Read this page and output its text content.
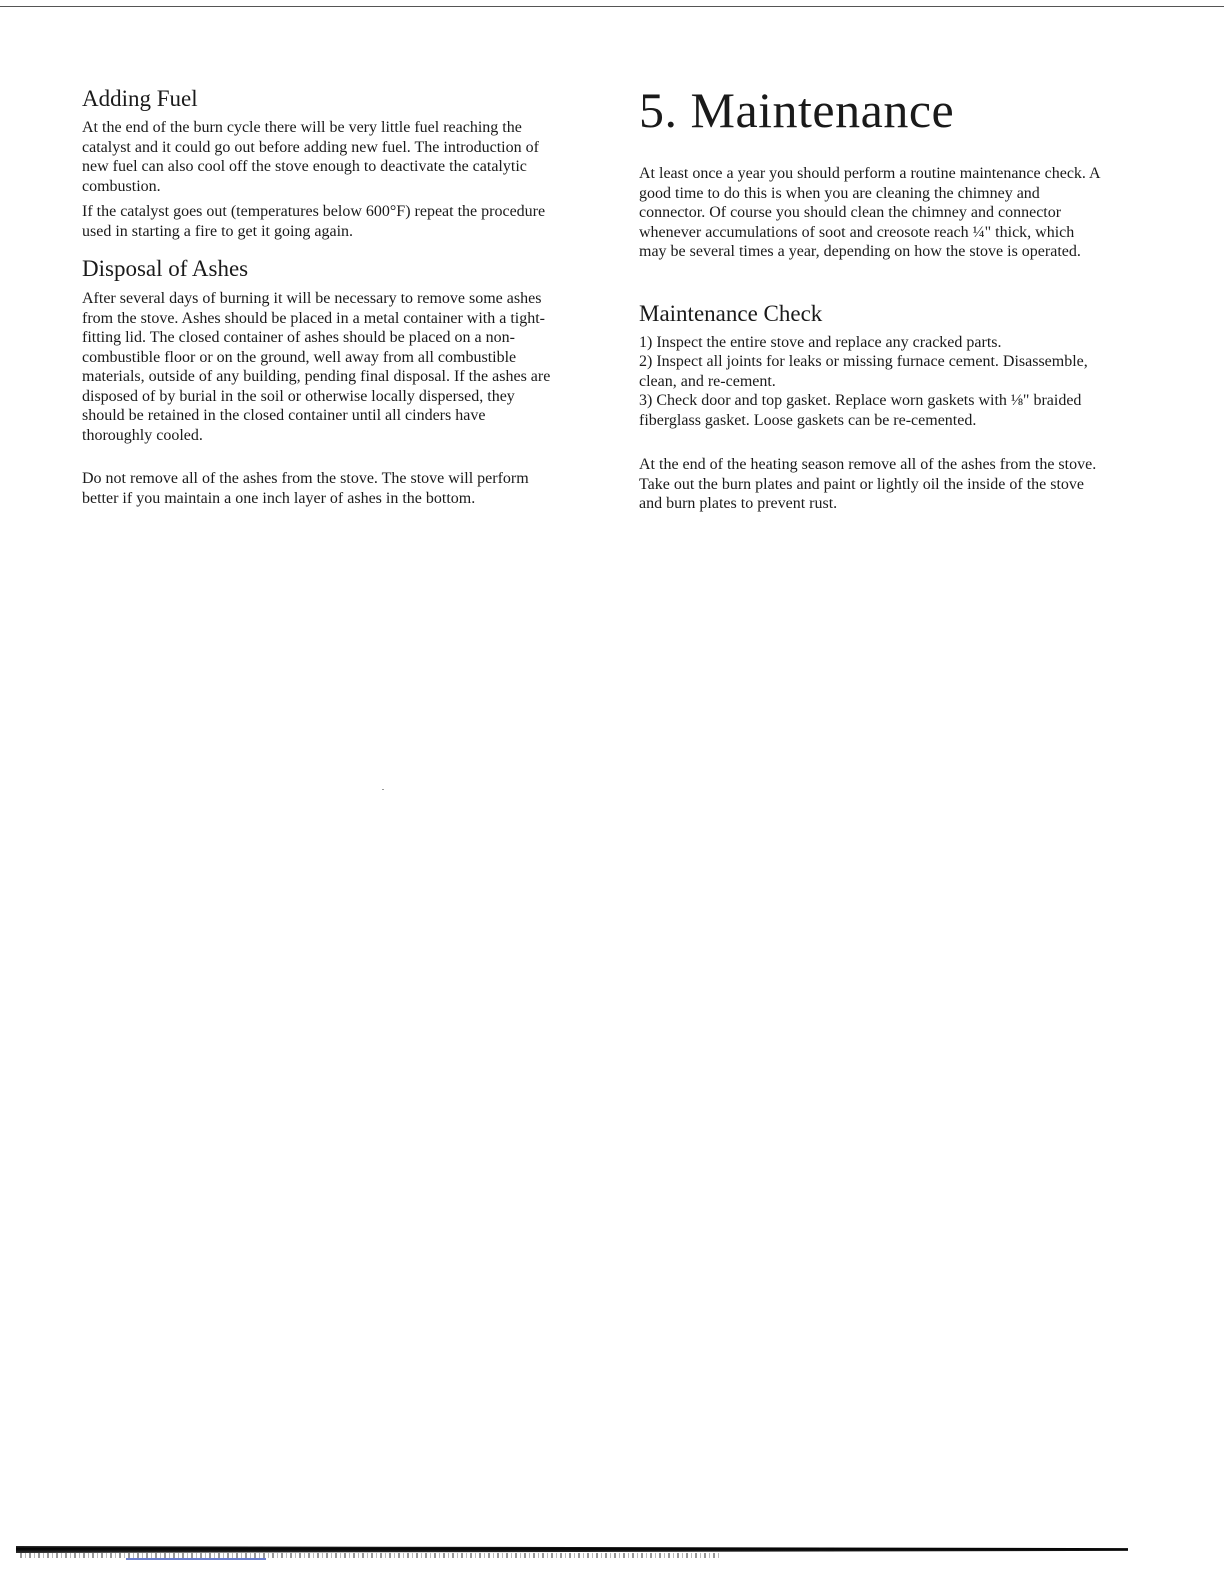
Adding Fuel

At the end of the burn cycle there will be very little fuel reaching the catalyst and it could go out before adding new fuel. The introduction of new fuel can also cool off the stove enough to deactivate the catalytic combustion.

If the catalyst goes out (temperatures below 600°F) repeat the procedure used in starting a fire to get it going again.

Disposal of Ashes

After several days of burning it will be necessary to remove some ashes from the stove. Ashes should be placed in a metal container with a tight-fitting lid. The closed container of ashes should be placed on a non-combustible floor or on the ground, well away from all combustible materials, outside of any building, pending final disposal. If the ashes are disposed of by burial in the soil or otherwise locally dispersed, they should be retained in the closed container until all cinders have thoroughly cooled.

Do not remove all of the ashes from the stove. The stove will perform better if you maintain a one inch layer of ashes in the bottom.

5. Maintenance

At least once a year you should perform a routine maintenance check. A good time to do this is when you are cleaning the chimney and connector. Of course you should clean the chimney and connector whenever accumulations of soot and creosote reach ¼" thick, which may be several times a year, depending on how the stove is operated.

Maintenance Check

1) Inspect the entire stove and replace any cracked parts.

2) Inspect all joints for leaks or missing furnace cement. Disassemble, clean, and re-cement.

3) Check door and top gasket. Replace worn gaskets with ⅛" braided fiberglass gasket. Loose gaskets can be re-cemented.

At the end of the heating season remove all of the ashes from the stove. Take out the burn plates and paint or lightly oil the inside of the stove and burn plates to prevent rust.
